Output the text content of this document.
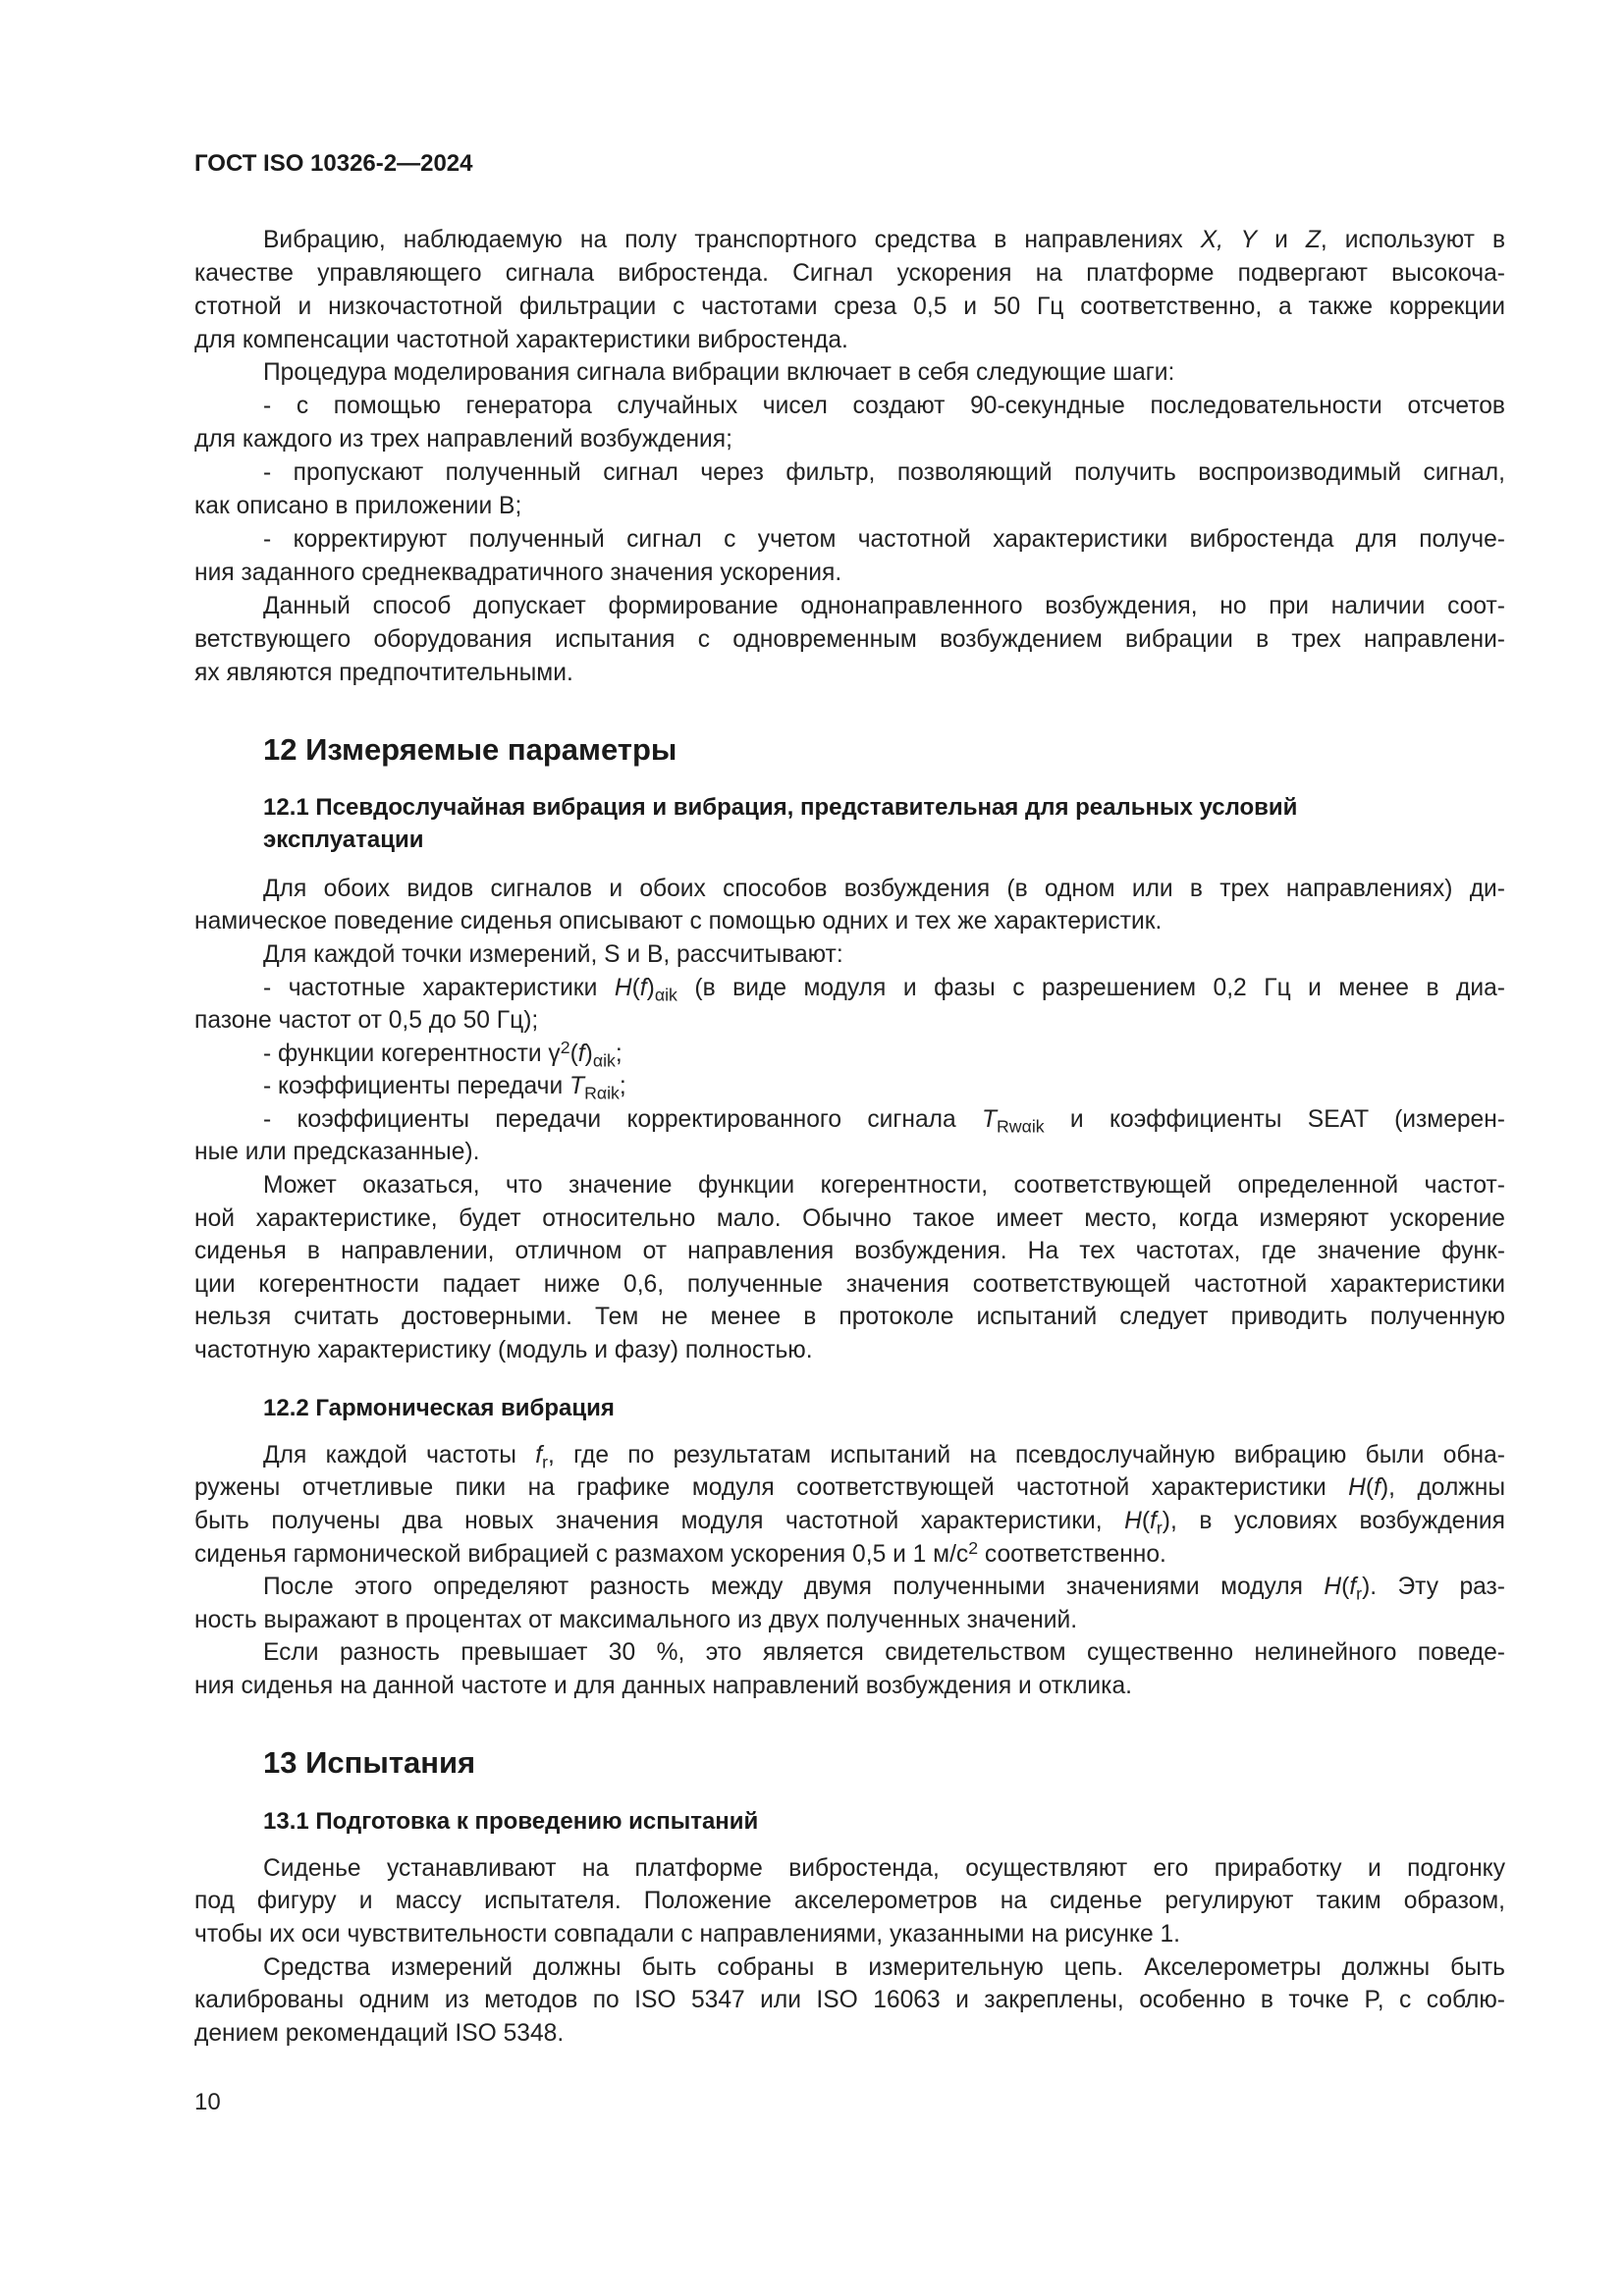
ГОСТ ISO 10326-2—2024
Вибрацию, наблюдаемую на полу транспортного средства в направлениях X, Y и Z, используют в
качестве управляющего сигнала вибростенда. Сигнал ускорения на платформе подвергают высокоча-
стотной и низкочастотной фильтрации с частотами среза 0,5 и 50 Гц соответственно, а также коррекции
для компенсации частотной характеристики вибростенда.
Процедура моделирования сигнала вибрации включает в себя следующие шаги:
- с помощью генератора случайных чисел создают 90-секундные последовательности отсчетов
для каждого из трех направлений возбуждения;
- пропускают полученный сигнал через фильтр, позволяющий получить воспроизводимый сигнал,
как описано в приложении В;
- корректируют полученный сигнал с учетом частотной характеристики вибростенда для получе-
ния заданного среднеквадратичного значения ускорения.
Данный способ допускает формирование однонаправленного возбуждения, но при наличии соот-
ветствующего оборудования испытания с одновременным возбуждением вибрации в трех направлени-
ях являются предпочтительными.
12 Измеряемые параметры
12.1 Псевдослучайная вибрация и вибрация, представительная для реальных условий
эксплуатации
Для обоих видов сигналов и обоих способов возбуждения (в одном или в трех направлениях) ди-
намическое поведение сиденья описывают с помощью одних и тех же характеристик.
Для каждой точки измерений, S и B, рассчитывают:
- частотные характеристики $H(f)_{\alpha ik}$ (в виде модуля и фазы с разрешением 0,2 Гц и менее в диа-
пазоне частот от 0,5 до 50 Гц);
- функции когерентности $\gamma^2(f)_{\alpha ik}$;
- коэффициенты передачи $T_{R\alpha ik}$;
- коэффициенты передачи корректированного сигнала $T_{Rw\alpha ik}$ и коэффициенты SEAT (измерен-
ные или предсказанные).
Может оказаться, что значение функции когерентности, соответствующей определенной частот-
ной характеристике, будет относительно мало. Обычно такое имеет место, когда измеряют ускорение
сиденья в направлении, отличном от направления возбуждения. На тех частотах, где значение функ-
ции когерентности падает ниже 0,6, полученные значения соответствующей частотной характеристики
нельзя считать достоверными. Тем не менее в протоколе испытаний следует приводить полученную
частотную характеристику (модуль и фазу) полностью.
12.2 Гармоническая вибрация
Для каждой частоты $f_r$, где по результатам испытаний на псевдослучайную вибрацию были обна-
ружены отчетливые пики на графике модуля соответствующей частотной характеристики H(f), должны
быть получены два новых значения модуля частотной характеристики, $H(f_r)$, в условиях возбуждения
сиденья гармонической вибрацией с размахом ускорения 0,5 и 1 $м/с^2$ соответственно.
После этого определяют разность между двумя полученными значениями модуля $H(f_r)$. Эту раз-
ность выражают в процентах от максимального из двух полученных значений.
Если разность превышает 30 %, это является свидетельством существенно нелинейного поведе-
ния сиденья на данной частоте и для данных направлений возбуждения и отклика.
13 Испытания
13.1 Подготовка к проведению испытаний
Сиденье устанавливают на платформе вибростенда, осуществляют его приработку и подгонку
под фигуру и массу испытателя. Положение акселерометров на сиденье регулируют таким образом,
чтобы их оси чувствительности совпадали с направлениями, указанными на рисунке 1.
Средства измерений должны быть собраны в измерительную цепь. Акселерометры должны быть
калиброваны одним из методов по ISO 5347 или ISO 16063 и закреплены, особенно в точке P, с соблю-
дением рекомендаций ISO 5348.
10
